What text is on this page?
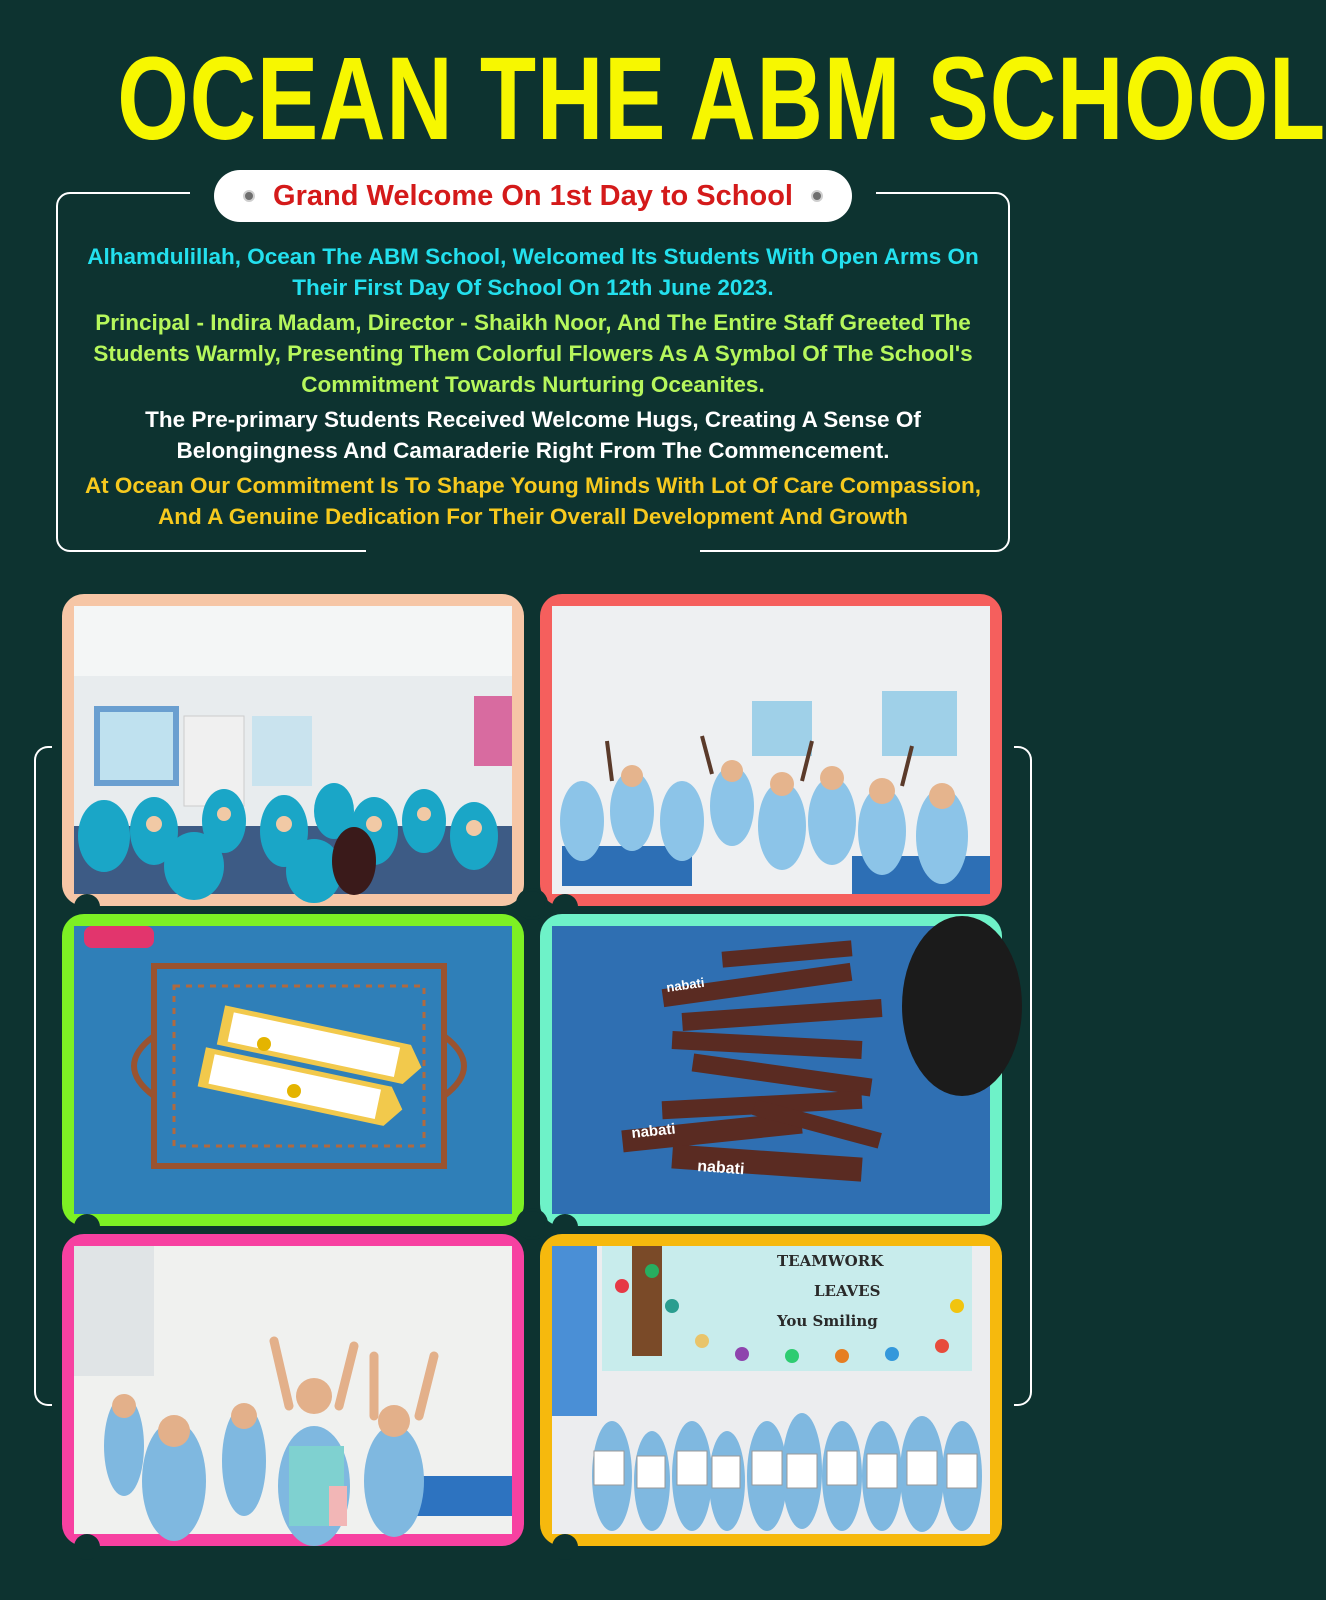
OCEAN THE ABM SCHOOL
Grand Welcome On 1st Day to School

Alhamdulillah, Ocean The ABM School, Welcomed Its Students With Open Arms On Their First Day Of School On 12th June 2023.

Principal - Indira Madam, Director - Shaikh Noor, And The Entire Staff Greeted The Students Warmly, Presenting Them Colorful Flowers As A Symbol Of The School's Commitment Towards Nurturing Oceanites.

The Pre-primary Students Received Welcome Hugs, Creating A Sense Of Belongingness And Camaraderie Right From The Commencement.

At Ocean Our Commitment Is To Shape Young Minds With Lot Of Care Compassion, And A Genuine Dedication For Their Overall Development And Growth

nabati
nabati
nabati
TEAMWORK
LEAVES
You Smiling
